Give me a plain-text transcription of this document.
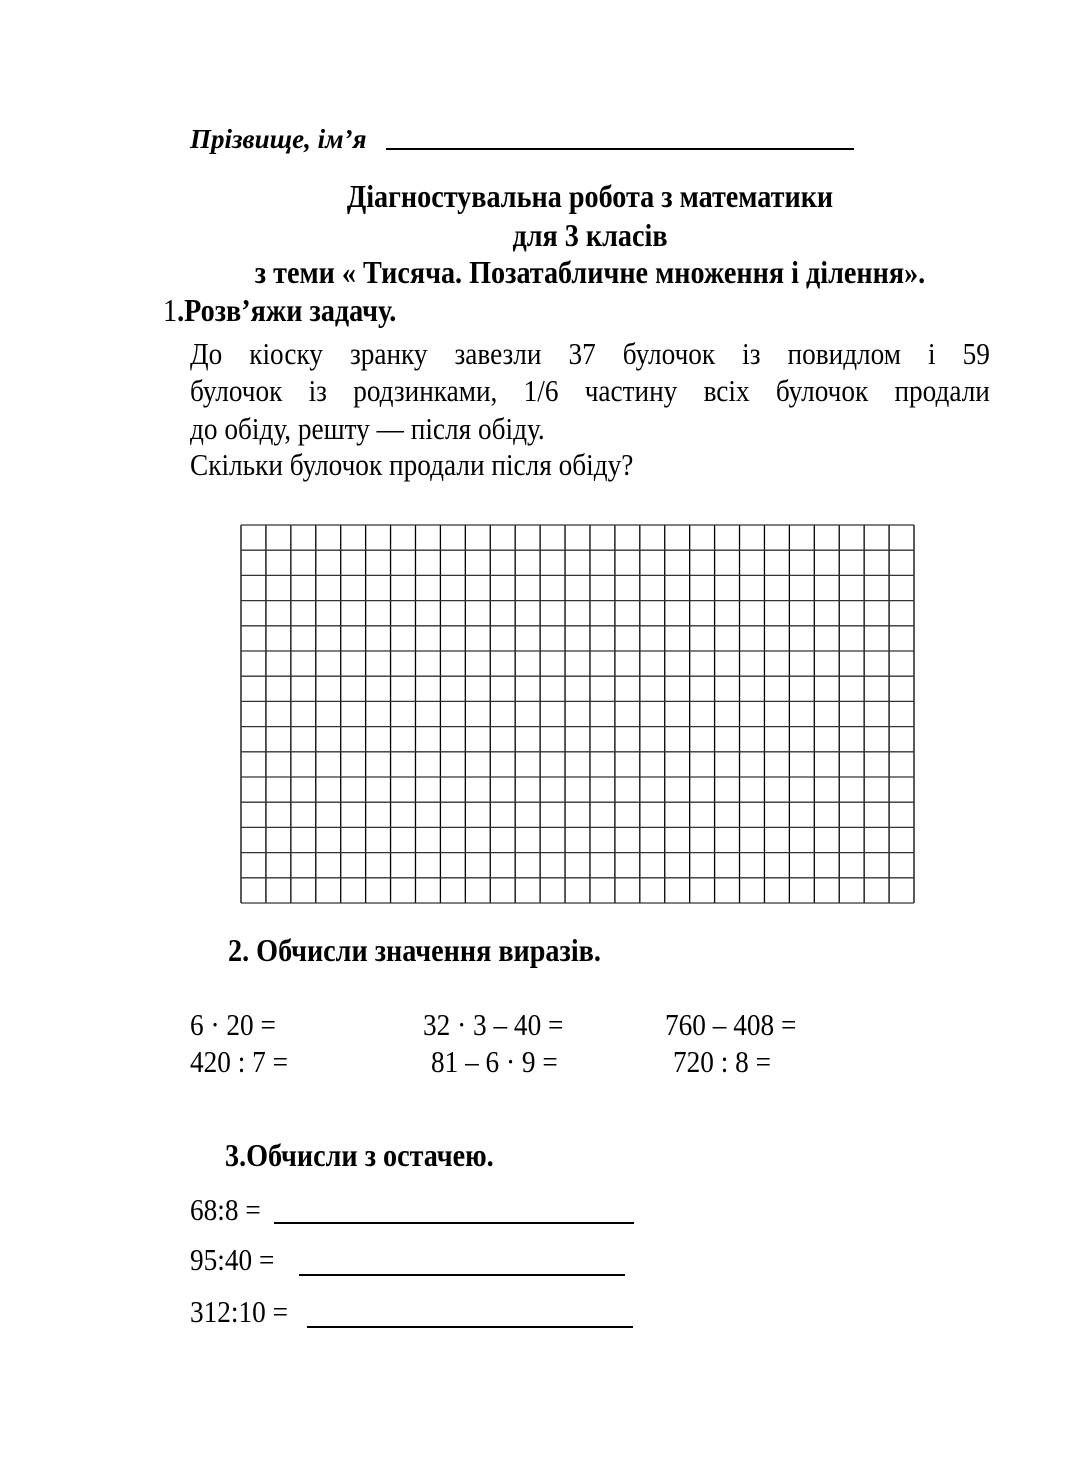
Прізвище, ім’я
Діагностувальна робота з математики
для 3 класів
з теми « Тисяча. Позатабличне множення і ділення».
1.Розв’яжи задачу.
До кіоску зранку завезли 37 булочок із повидлом і 59
булочок із родзинками, 1/6 частину всіх булочок продали
до обіду, решту — після обіду.
Скільки булочок продали після обіду?
2. Обчисли значення виразів.
6 · 20 =	32 · 3 – 40 =	760 – 408 =
420 : 7 =	81 – 6 · 9 =	720 : 8 =
3.Обчисли з остачею.
68:8 =
95:40 =
312:10 =
